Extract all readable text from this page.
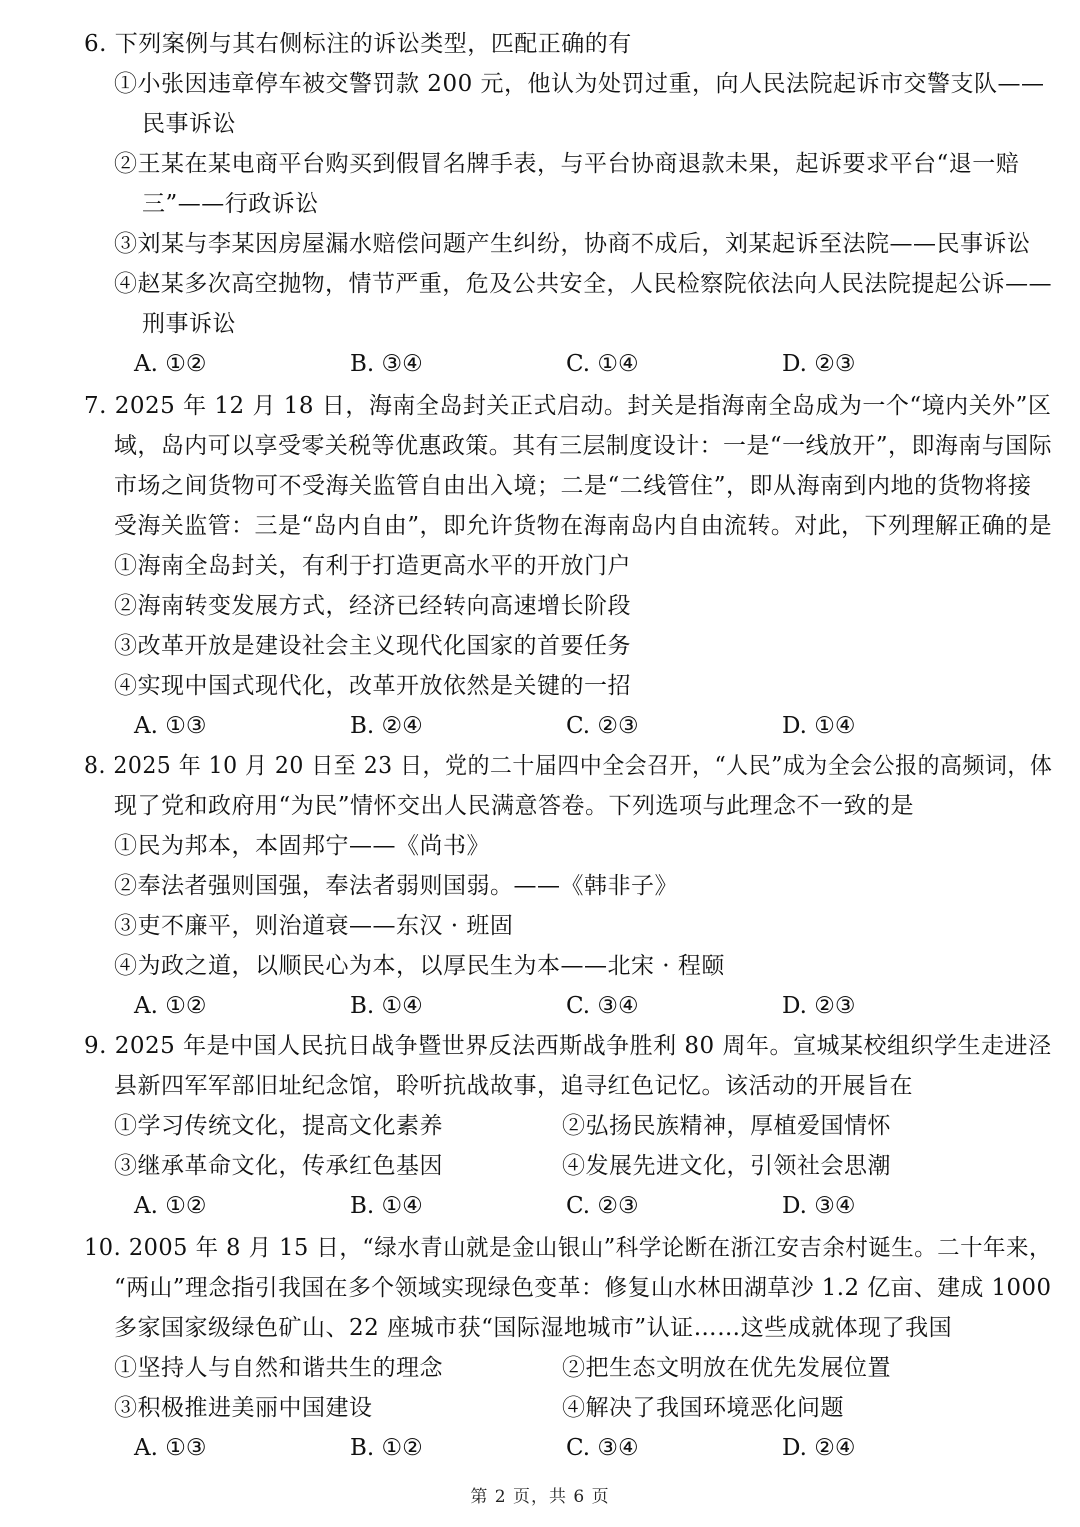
6. 下列案例与其右侧标注的诉讼类型，匹配正确的有
①小张因违章停车被交警罚款 200 元，他认为处罚过重，向人民法院起诉市交警支队——
民事诉讼
②王某在某电商平台购买到假冒名牌手表，与平台协商退款未果，起诉要求平台“退一赔
三”——行政诉讼
③刘某与李某因房屋漏水赔偿问题产生纠纷，协商不成后，刘某起诉至法院——民事诉讼
④赵某多次高空抛物，情节严重，危及公共安全，人民检察院依法向人民法院提起公诉——
刑事诉讼
A. ①②	B. ③④	C. ①④	D. ②③
7. 2025 年 12 月 18 日，海南全岛封关正式启动。封关是指海南全岛成为一个“境内关外”区
域，岛内可以享受零关税等优惠政策。其有三层制度设计：一是“一线放开”，即海南与国际
市场之间货物可不受海关监管自由出入境；二是“二线管住”，即从海南到内地的货物将接
受海关监管：三是“岛内自由”，即允许货物在海南岛内自由流转。对此，下列理解正确的是
①海南全岛封关，有利于打造更高水平的开放门户
②海南转变发展方式，经济已经转向高速增长阶段
③改革开放是建设社会主义现代化国家的首要任务
④实现中国式现代化，改革开放依然是关键的一招
A. ①③	B. ②④	C. ②③	D. ①④
8. 2025 年 10 月 20 日至 23 日，党的二十届四中全会召开，“人民”成为全会公报的高频词，体
现了党和政府用“为民”情怀交出人民满意答卷。下列选项与此理念不一致的是
①民为邦本，本固邦宁——《尚书》
②奉法者强则国强，奉法者弱则国弱。——《韩非子》
③吏不廉平，则治道衰——东汉 · 班固
④为政之道，以顺民心为本，以厚民生为本——北宋 · 程颐
A. ①②	B. ①④	C. ③④	D. ②③
9. 2025 年是中国人民抗日战争暨世界反法西斯战争胜利 80 周年。宣城某校组织学生走进泾
县新四军军部旧址纪念馆，聆听抗战故事，追寻红色记忆。该活动的开展旨在
①学习传统文化，提高文化素养	②弘扬民族精神，厚植爱国情怀
③继承革命文化，传承红色基因	④发展先进文化，引领社会思潮
A. ①②	B. ①④	C. ②③	D. ③④
10. 2005 年 8 月 15 日，“绿水青山就是金山银山”科学论断在浙江安吉余村诞生。二十年来，
“两山”理念指引我国在多个领域实现绿色变革：修复山水林田湖草沙 1.2 亿亩、建成 1000
多家国家级绿色矿山、22 座城市获“国际湿地城市”认证……这些成就体现了我国
①坚持人与自然和谐共生的理念	②把生态文明放在优先发展位置
③积极推进美丽中国建设	④解决了我国环境恶化问题
A. ①③	B. ①②	C. ③④	D. ②④
第 2 页，共 6 页
